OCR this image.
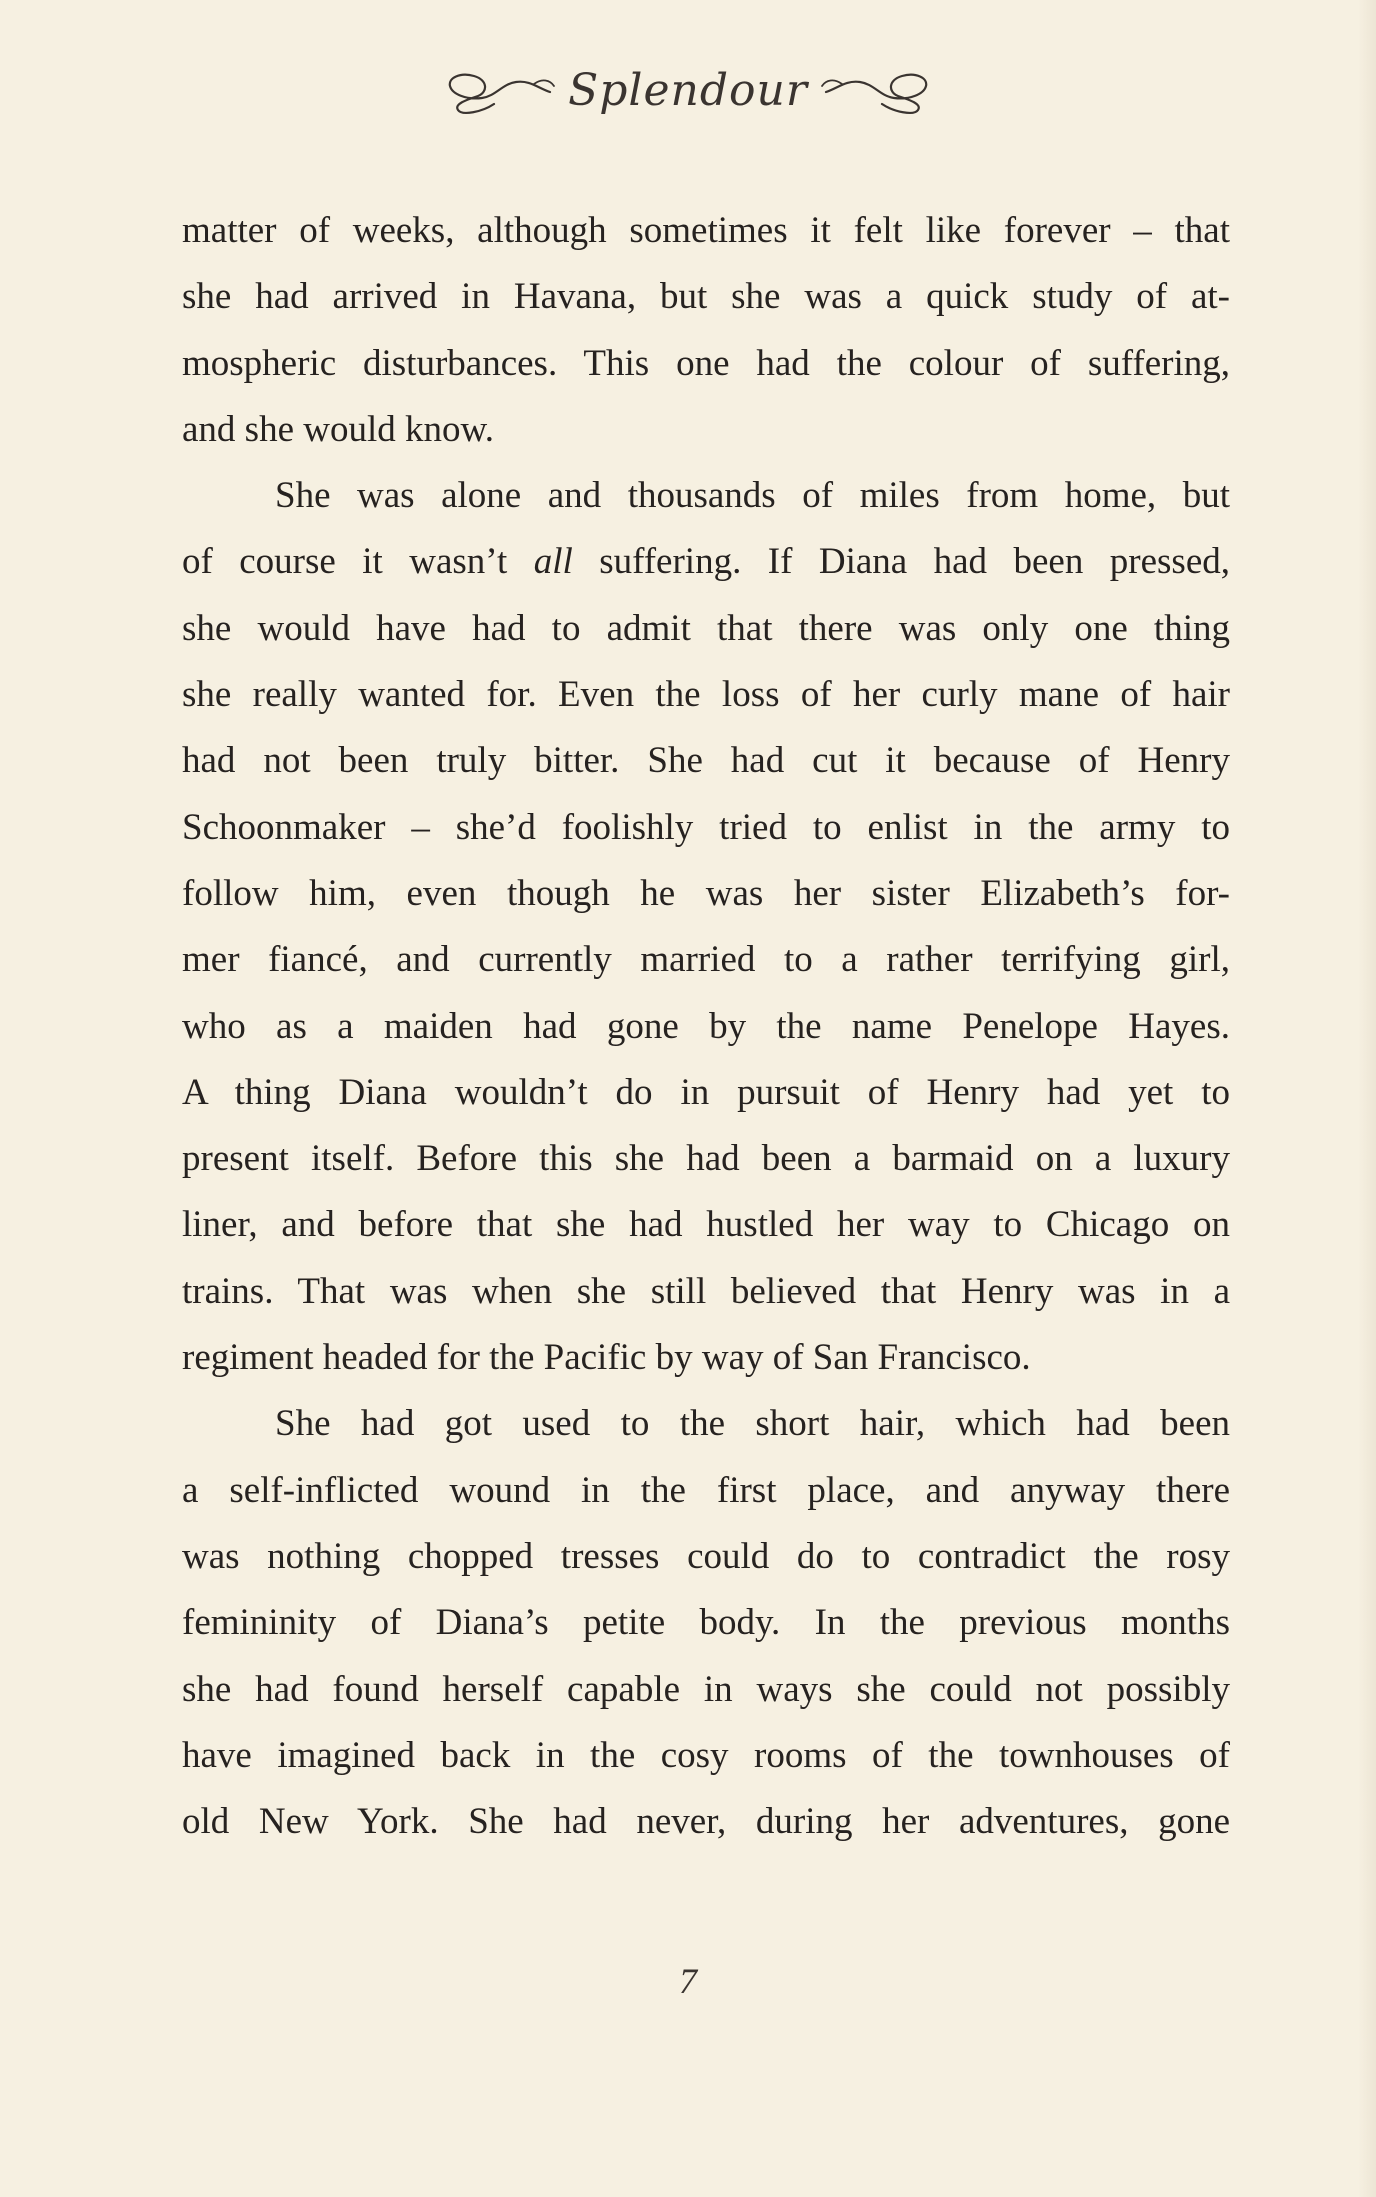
Splendour
matter of weeks, although sometimes it felt like forever – that
she had arrived in Havana, but she was a quick study of at-
mospheric disturbances. This one had the colour of suffering,
and she would know.
She was alone and thousands of miles from home, but
of course it wasn’t all suffering. If Diana had been pressed,
she would have had to admit that there was only one thing
she really wanted for. Even the loss of her curly mane of hair
had not been truly bitter. She had cut it because of Henry
Schoonmaker – she’d foolishly tried to enlist in the army to
follow him, even though he was her sister Elizabeth’s for-
mer fiancé, and currently married to a rather terrifying girl,
who as a maiden had gone by the name Penelope Hayes.
A thing Diana wouldn’t do in pursuit of Henry had yet to
present itself. Before this she had been a barmaid on a luxury
liner, and before that she had hustled her way to Chicago on
trains. That was when she still believed that Henry was in a
regiment headed for the Pacific by way of San Francisco.
She had got used to the short hair, which had been
a self-inflicted wound in the first place, and anyway there
was nothing chopped tresses could do to contradict the rosy
femininity of Diana’s petite body. In the previous months
she had found herself capable in ways she could not possibly
have imagined back in the cosy rooms of the townhouses of
old New York. She had never, during her adventures, gone
7
